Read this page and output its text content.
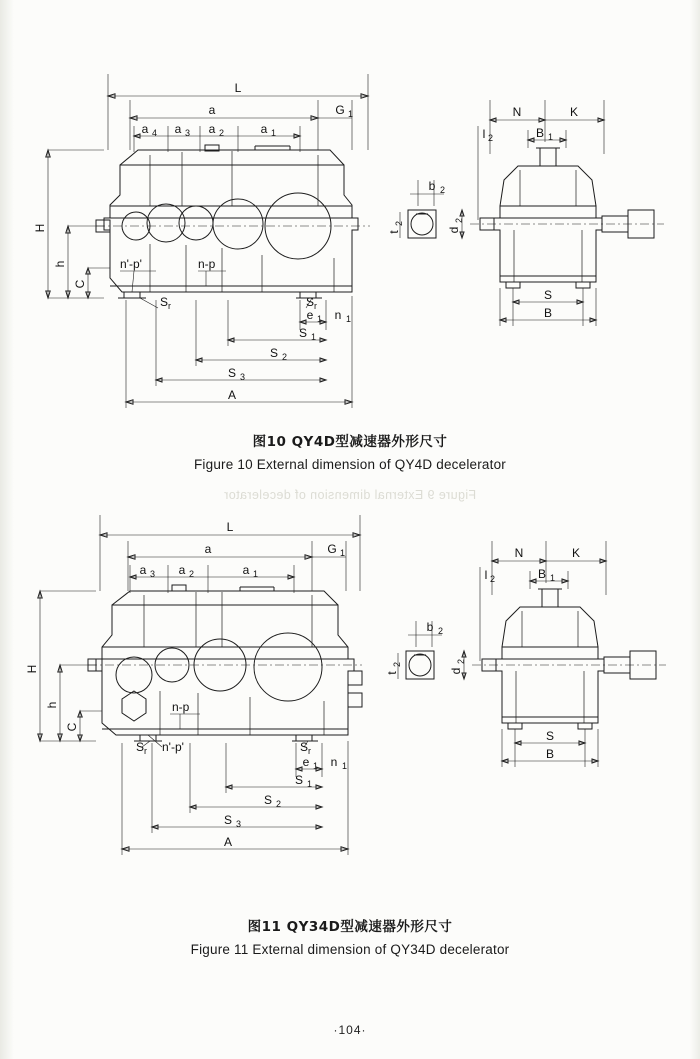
L
a	G 1
a 4 a 3 a 2	a 1
H
h
C
n'-p'	n-p
S r	S r
e 1 n 1
S 1
S 2
S 3
A
b 2
t
2
N	K
B 1
l 2
d
2
S
B
图10 QY4D型减速器外形尺寸
Figure 10 External dimension of QY4D decelerator
Figure 9 External dimension of decelerator
L
a	G 1
a 3 a 2	a 1
H
h
C
n-p
S r n'-p'	S r
e 1 n 1
S 1
S 2
S 3
A
b 2
t
2
N	K
B 1
l 2
d
2
S
B
图11 QY34D型减速器外形尺寸
Figure 11 External dimension of QY34D decelerator
·104·
